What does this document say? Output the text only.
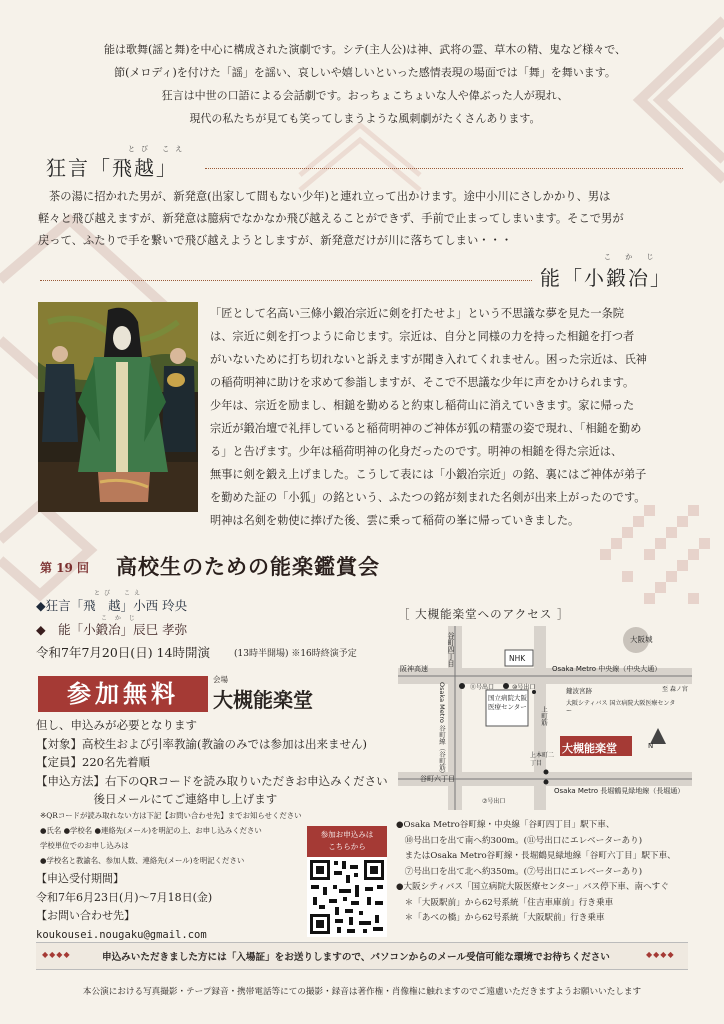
能は歌舞(謡と舞)を中心に構成された演劇です。シテ(主人公)は神、武将の霊、草木の精、鬼など様々で、
節(メロディ)を付けた「謡」を謡い、哀しいや嬉しいといった感情表現の場面では「舞」を舞います。
狂言は中世の口語による会話劇です。おっちょこちょいな人や偉ぶった人が現れ、
現代の私たちが見ても笑ってしまうような風刺劇がたくさんあります。
とび こえ
狂言「飛越」
茶の湯に招かれた男が、新発意(出家して間もない少年)と連れ立って出かけます。途中小川にさしかかり、男は
軽々と飛び越えますが、新発意は臆病でなかなか飛び越えることができず、手前で止まってしまいます。そこで男が
戻って、ふたりで手を繋いで飛び越えようとしますが、新発意だけが川に落ちてしまい・・・
こ か じ
能「小鍛冶」
「匠として名高い三條小鍛冶宗近に剣を打たせよ」という不思議な夢を見た一条院
は、宗近に剣を打つように命じます。宗近は、自分と同様の力を持った相鎚を打つ者
がいないために打ち切れないと訴えますが聞き入れてくれません。困った宗近は、氏神
の稲荷明神に助けを求めて参詣しますが、そこで不思議な少年に声をかけられます。
少年は、宗近を励まし、相鎚を勤めると約束し稲荷山に消えていきます。家に帰った
宗近が鍛冶壇で礼拝していると稲荷明神のご神体が狐の精霊の姿で現れ、「相鎚を勤め
る」と告げます。少年は稲荷明神の化身だったのです。明神の相鎚を得た宗近は、
無事に剣を鍛え上げました。こうして表には「小鍛冶宗近」の銘、裏にはご神体が弟子
を勤めた証の「小狐」の銘という、ふたつの銘が刻まれた名剣が出来上がったのです。
明神は名剣を勅使に捧げた後、雲に乗って稲荷の峯に帰っていきました。
第 19 回 高校生のための能楽鑑賞会
とび　こえ
◆狂言「飛　越」小西 玲央
こ か じ
◆　能「小鍛冶」辰巳 孝弥
令和7年7月20日(日) 14時開演	(13時半開場) ※16時終演予定
参加無料	会場
大槻能楽堂
但し、申込みが必要となります
【対象】高校生および引率教諭(教諭のみでは参加は出来ません)
【定員】220名先着順
【申込方法】右下のQRコードを読み取りいただきお申込みください
　　　　　後日メールにてご連絡申し上げます
※QRコードが読み取れない方は下記【お問い合わせ先】までお知らせください
●氏名 ●学校名 ●連絡先(メール)を明記の上、お申し込みください
学校単位でのお申し込みは
●学校名と教諭名、参加人数、連絡先(メール)を明記ください
【申込受付期間】
令和7年6月23日(月)〜7月18日(金)
【お問い合わせ先】
koukousei.nougaku@gmail.com
参加お申込みは
こちらから
［ 大槻能楽堂へのアクセス ］
大阪城
NHK
阪神高速	Osaka Metro 中央線（中央大通）
至 森ノ宮
谷町四丁目
Osaka Metro 谷町線（谷町筋）	⑪号出口	⑩号出口
国立病院大阪医療センター
鍵波宮跡
大阪シティバス 国立病院大阪医療センター
上町筋
上本町二丁目
大槻能楽堂	N
谷町六丁目
⑦号出口
Osaka Metro 長堀鶴見緑地線（長堀通）
●Osaka Metro谷町線・中央線「谷町四丁目」駅下車、
　⑩号出口を出て南へ約300m。(⑪号出口にエレベーターあり)
　またはOsaka Metro谷町線・長堀鶴見緑地線「谷町六丁目」駅下車、
　⑦号出口を出て北へ約350m。(⑦号出口にエレベーターあり)
●大阪シティバス「国立病院大阪医療センター」バス停下車、南へすぐ
　＊「大阪駅前」から62号系統「住吉車庫前」行き乗車
　＊「あべの橋」から62号系統「大阪駅前」行き乗車
◆◆◆◆	申込みいただきました方には「入場証」をお送りしますので、パソコンからのメール受信可能な環境でお待ちください	◆◆◆◆
本公演における写真撮影・テープ録音・携帯電話等にての撮影・録音は著作権・肖像権に触れますのでご遠慮いただきますようお願いいたします
